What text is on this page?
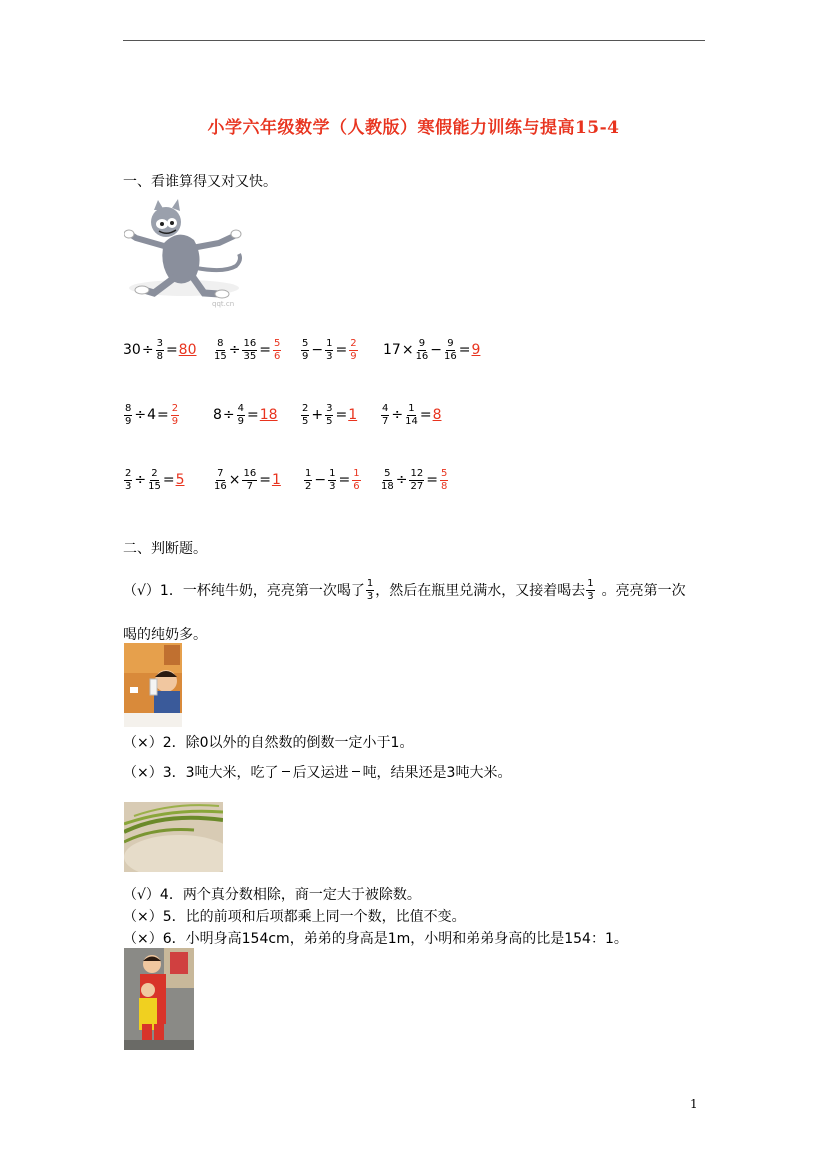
小学六年级数学（人教版）寒假能力训练与提高15-4
一、看谁算得又对又快。
qqt.cn
$30 \div \frac{3}{8} = 80 \frac{8}{15} \div \frac{16}{35} = \frac{5}{6} \frac{5}{9} - \frac{1}{3} = \frac{2}{9} 17 \times \frac{9}{16} - \frac{9}{16} = 9$
$\frac{8}{9} \div 4 = \frac{2}{9} 8 \div \frac{4}{9} = 18 \frac{2}{5} + \frac{3}{5} = 1 \frac{4}{7} \div \frac{1}{14} = 8$
$\frac{2}{3} \div \frac{2}{15} = 5$	$\frac{7}{16} \times \frac{16}{7} = 1 \frac{1}{2} - \frac{1}{3} = \frac{1}{6} \frac{5}{18} \div \frac{12}{27} = \frac{5}{8}$
二、判断题。
（√） 1．一杯纯牛奶，亮亮第一次喝了 $\frac{1}{3}$ ，然后在瓶里兑满水，又接着喝去 $\frac{1}{3}$ 。亮亮第一次
喝的纯奶多。
（×）2．除0以外的自然数的倒数一定小于1。
（×） 3．3吨大米，吃了 后又运进 吨，结果还是3吨大米。
（√）4．两个真分数相除，商一定大于被除数。
（×）5．比的前项和后项都乘上同一个数，比值不变。
（×）6．小明身高154cm，弟弟的身高是1m，小明和弟弟身高的比是154：1。
1
